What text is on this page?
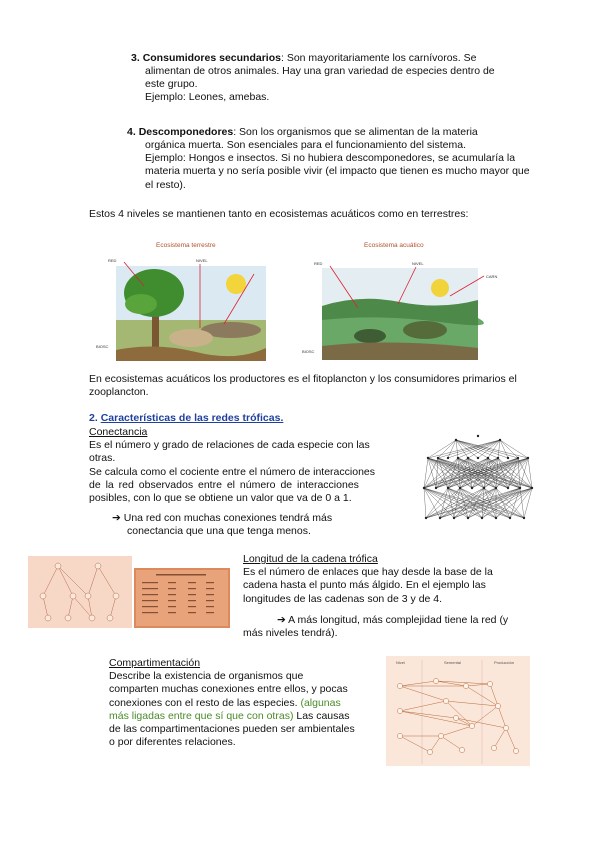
3. Consumidores secundarios: Son mayoritariamente los carnívoros. Se
alimentan de otros animales. Hay una gran variedad de especies dentro de
este grupo.
Ejemplo: Leones, amebas.
4. Descomponedores: Son los organismos que se alimentan de la materia
orgánica muerta. Son esenciales para el funcionamiento del sistema.
Ejemplo: Hongos e insectos. Si no hubiera descomponedores, se acumularía la
materia muerta y no sería posible vivir (el impacto que tienen es mucho mayor que
el resto).
Estos 4 niveles se mantienen tanto en ecosistemas acuáticos como en terrestres:
Ecosistema terrestre
RED	NIVEL
BIOSC
Ecosistema acuático
RED	NIVEL
CARN
BIOSC
En ecosistemas acuáticos los productores es el fitoplancton y los consumidores primarios el
zooplancton.
2. Características de las redes tróficas.
Conectancia
Es el número y grado de relaciones de cada especie con las
otras.
Se calcula como el cociente entre el número de interacciones
de la red observados entre el número de interacciones
posibles, con lo que se obtiene un valor que va de 0 a 1.
➔ Una red con muchas conexiones tendrá más
conectancia que una que tenga menos.
Longitud de la cadena trófica
Es el número de enlaces que hay desde la base de la
cadena hasta el punto más álgido. En el ejemplo las
longitudes de las cadenas son de 3 y de 4.
➔ A más longitud, más complejidad tiene la red (y
más niveles tendrá).
Compartimentación
Describe la existencia de organismos que
comparten muchas conexiones entre ellos, y pocas
conexiones con el resto de las especies. (algunas
más ligadas entre que sí que con otras) Las causas
de las compartimentaciones pueden ser ambientales
o por diferentes relaciones.
Nivel	Semental	Producción
